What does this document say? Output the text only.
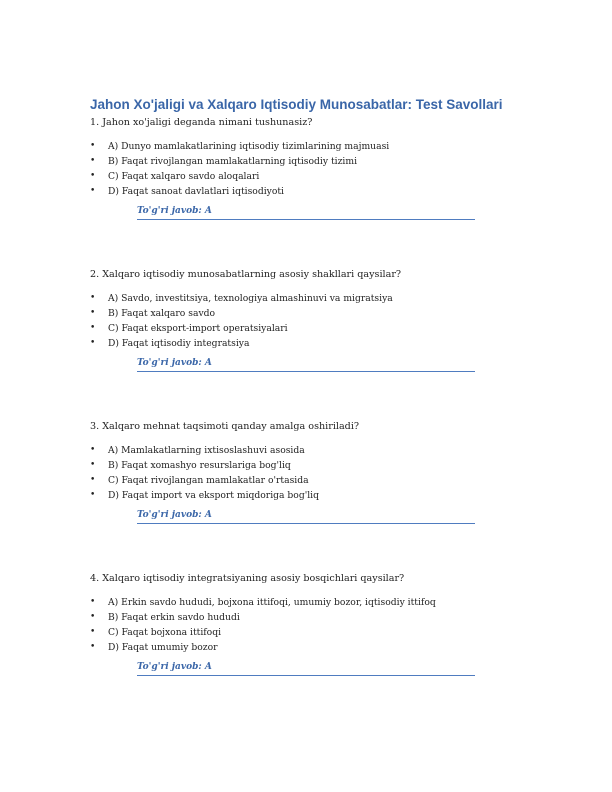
Jahon Xo'jaligi va Xalqaro Iqtisodiy Munosabatlar: Test Savollari

1. Jahon xo'jaligi deganda nimani tushunasiz?

• A) Dunyo mamlakatlarining iqtisodiy tizimlarining majmuasi
• B) Faqat rivojlangan mamlakatlarning iqtisodiy tizimi
• C) Faqat xalqaro savdo aloqalari
• D) Faqat sanoat davlatlari iqtisodiyoti
To'g'ri javob: A

2. Xalqaro iqtisodiy munosabatlarning asosiy shakllari qaysilar?

• A) Savdo, investitsiya, texnologiya almashinuvi va migratsiya
• B) Faqat xalqaro savdo
• C) Faqat eksport-import operatsiyalari
• D) Faqat iqtisodiy integratsiya
To'g'ri javob: A

3. Xalqaro mehnat taqsimoti qanday amalga oshiriladi?

• A) Mamlakatlarning ixtisoslashuvi asosida
• B) Faqat xomashyo resurslariga bog'liq
• C) Faqat rivojlangan mamlakatlar o'rtasida
• D) Faqat import va eksport miqdoriga bog'liq
To'g'ri javob: A

4. Xalqaro iqtisodiy integratsiyaning asosiy bosqichlari qaysilar?

• A) Erkin savdo hududi, bojxona ittifoqi, umumiy bozor, iqtisodiy ittifoq
• B) Faqat erkin savdo hududi
• C) Faqat bojxona ittifoqi
• D) Faqat umumiy bozor
To'g'ri javob: A
